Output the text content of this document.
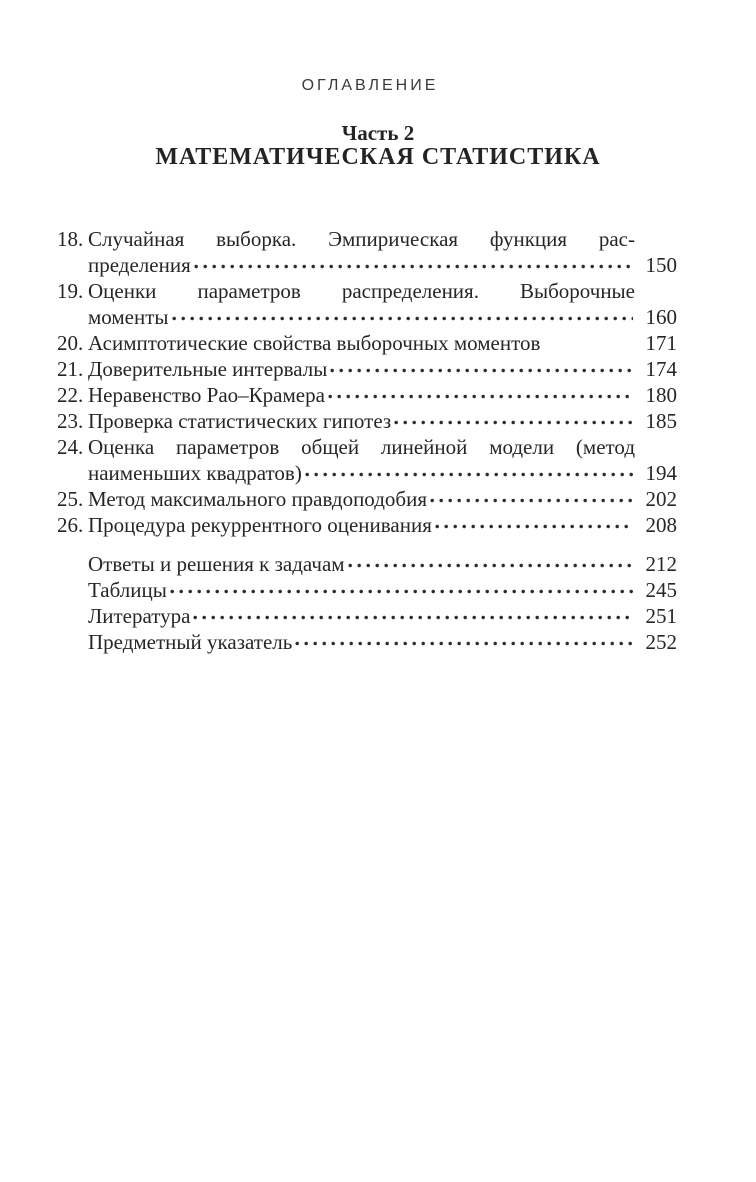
ОГЛАВЛЕНИЕ
Часть 2
МАТЕМАТИЧЕСКАЯ СТАТИСТИКА
18. Случайная выборка. Эмпирическая функция рас-
пределения	150
19. Оценки параметров распределения. Выборочные
моменты	160
20. Асимптотические свойства выборочных моментов	171
21. Доверительные интервалы	174
22. Неравенство Рао–Крамера	180
23. Проверка статистических гипотез	185
24. Оценка параметров общей линейной модели (метод
наименьших квадратов)	194
25. Метод максимального правдоподобия	202
26. Процедура рекуррентного оценивания	208
Ответы и решения к задачам	212
Таблицы	245
Литература	251
Предметный указатель	252
